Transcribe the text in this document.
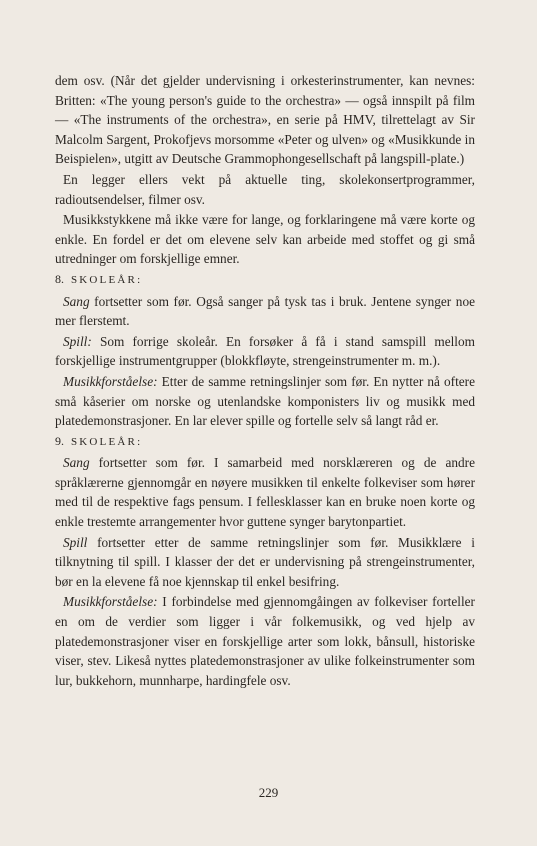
dem osv. (Når det gjelder undervisning i orkesterinstrumenter, kan nevnes: Britten: «The young person's guide to the orchestra» — også innspilt på film — «The instruments of the orchestra», en serie på HMV, tilrettelagt av Sir Malcolm Sargent, Prokofjevs morsomme «Peter og ulven» og «Musikkunde in Beispielen», utgitt av Deutsche Grammophongesellschaft på langspill-plate.)

En legger ellers vekt på aktuelle ting, skolekonsertprogrammer, radioutsendelser, filmer osv.

Musikkstykkene må ikke være for lange, og forklaringene må være korte og enkle. En fordel er det om elevene selv kan arbeide med stoffet og gi små utredninger om forskjellige emner.

8. SKOLEÅR:

Sang fortsetter som før. Også sanger på tysk tas i bruk. Jentene synger noe mer flerstemt.

Spill: Som forrige skoleår. En forsøker å få i stand samspill mellom forskjellige instrumentgrupper (blokkfløyte, strengeinstrumenter m. m.).

Musikkforståelse: Etter de samme retningslinjer som før. En nytter nå oftere små kåserier om norske og utenlandske komponisters liv og musikk med platedemonstrasjoner. En lar elever spille og fortelle selv så langt råd er.

9. SKOLEÅR:

Sang fortsetter som før. I samarbeid med norsklæreren og de andre språklærerne gjennomgår en nøyere musikken til enkelte folkeviser som hører med til de respektive fags pensum. I fellesklasser kan en bruke noen korte og enkle trestemte arrangementer hvor guttene synger barytonpartiet.

Spill fortsetter etter de samme retningslinjer som før. Musikklære i tilknytning til spill. I klasser der det er undervisning på strengeinstrumenter, bør en la elevene få noe kjennskap til enkel besifring.

Musikkforståelse: I forbindelse med gjennomgåingen av folkeviser forteller en om de verdier som ligger i vår folkemusikk, og ved hjelp av platedemonstrasjoner viser en forskjellige arter som lokk, bånsull, historiske viser, stev. Likeså nyttes platedemonstrasjoner av ulike folkeinstrumenter som lur, bukkehorn, munnharpe, hardingfele osv.

229
